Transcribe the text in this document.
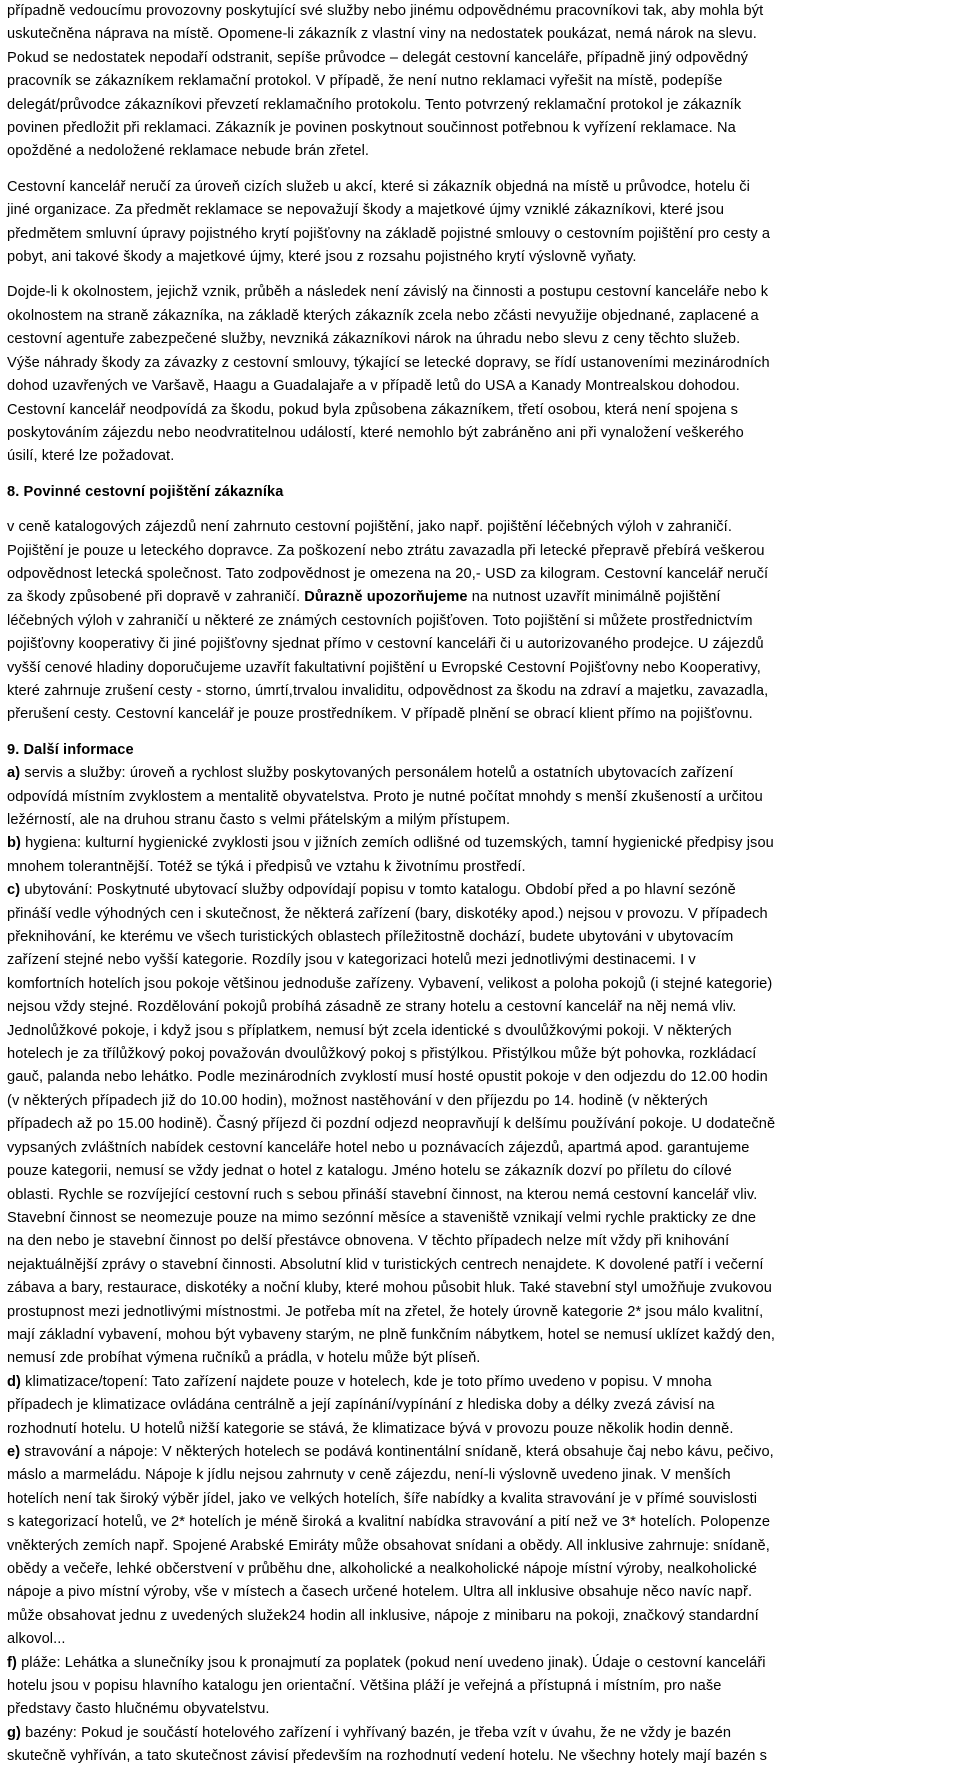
případně vedoucímu provozovny poskytující své služby nebo jinému odpovědnému pracovníkovi tak, aby mohla být
uskutečněna náprava na místě. Opomene-li zákazník z vlastní viny na nedostatek poukázat, nemá nárok na slevu.
Pokud se nedostatek nepodaří odstranit, sepíše průvodce – delegát cestovní kanceláře, případně jiný odpovědný
pracovník se zákazníkem reklamační protokol. V případě, že není nutno reklamaci vyřešit na místě, podepíše
delegát/průvodce zákazníkovi převzetí reklamačního protokolu. Tento potvrzený reklamační protokol je zákazník
povinen předložit při reklamaci. Zákazník je povinen poskytnout součinnost potřebnou k vyřízení reklamace. Na
opožděné a nedoložené reklamace nebude brán zřetel.
Cestovní kancelář neručí za úroveň cizích služeb u akcí, které si zákazník objedná na místě u průvodce, hotelu či
jiné organizace. Za předmět reklamace se nepovažují škody a majetkové újmy vzniklé zákazníkovi, které jsou
předmětem smluvní úpravy pojistného krytí pojišťovny na základě pojistné smlouvy o cestovním pojištění pro cesty a
pobyt, ani takové škody a majetkové újmy, které jsou z rozsahu pojistného krytí výslovně vyňaty.
Dojde-li k okolnostem, jejichž vznik, průběh a následek není závislý na činnosti a postupu cestovní kanceláře nebo k
okolnostem na straně zákazníka, na základě kterých zákazník zcela nebo zčásti nevyužije objednané, zaplacené a
cestovní agentuře zabezpečené služby, nevzniká zákazníkovi nárok na úhradu nebo slevu z ceny těchto služeb.
Výše náhrady škody za závazky z cestovní smlouvy, týkající se letecké dopravy, se řídí ustanoveními mezinárodních
dohod uzavřených ve Varšavě, Haagu a Guadalajaře a v případě letů do USA a Kanady Montrealskou dohodou.
Cestovní kancelář neodpovídá za škodu, pokud byla způsobena zákazníkem, třetí osobou, která není spojena s
poskytováním zájezdu nebo neodvratitelnou událostí, které nemohlo být zabráněno ani při vynaložení veškerého
úsilí, které lze požadovat.
8. Povinné cestovní pojištění zákazníka
v ceně katalogových zájezdů není zahrnuto cestovní pojištění, jako např. pojištění léčebných výloh v zahraničí.
Pojištění je pouze u leteckého dopravce. Za poškození nebo ztrátu zavazadla při letecké přepravě přebírá veškerou
odpovědnost letecká společnost. Tato zodpovědnost je omezena na 20,- USD za kilogram. Cestovní kancelář neručí
za škody způsobené při dopravě v zahraničí. Důrazně upozorňujeme na nutnost uzavřít minimálně pojištění
léčebných výloh v zahraničí u některé ze známých cestovních pojišťoven. Toto pojištění si můžete prostřednictvím
pojišťovny kooperativy či jiné pojišťovny sjednat přímo v cestovní kanceláři či u autorizovaného prodejce. U zájezdů
vyšší cenové hladiny doporučujeme uzavřít fakultativní pojištění u Evropské Cestovní Pojišťovny nebo Kooperativy,
které zahrnuje zrušení cesty - storno, úmrtí,trvalou invaliditu, odpovědnost za škodu na zdraví a majetku, zavazadla,
přerušení cesty. Cestovní kancelář je pouze prostředníkem. V případě plnění se obrací klient přímo na pojišťovnu.
9. Další informace
a) servis a služby: úroveň a rychlost služby poskytovaných personálem hotelů a ostatních ubytovacích zařízení
odpovídá místním zvyklostem a mentalitě obyvatelstva. Proto je nutné počítat mnohdy s menší zkušeností a určitou
ležérností, ale na druhou stranu často s velmi přátelským a milým přístupem.
b) hygiena: kulturní hygienické zvyklosti jsou v jižních zemích odlišné od tuzemských, tamní hygienické předpisy jsou
mnohem tolerantnější. Totéž se týká i předpisů ve vztahu k životnímu prostředí.
c) ubytování: Poskytnuté ubytovací služby odpovídají popisu v tomto katalogu. Období před a po hlavní sezóně
přináší vedle výhodných cen i skutečnost, že některá zařízení (bary, diskotéky apod.) nejsou v provozu. V případech
překnihování, ke kterému ve všech turistických oblastech příležitostně dochází, budete ubytováni v ubytovacím
zařízení stejné nebo vyšší kategorie. Rozdíly jsou v kategorizaci hotelů mezi jednotlivými destinacemi. I v
komfortních hotelích jsou pokoje většinou jednoduše zařízeny. Vybavení, velikost a poloha pokojů (i stejné kategorie)
nejsou vždy stejné. Rozdělování pokojů probíhá zásadně ze strany hotelu a cestovní kancelář na něj nemá vliv.
Jednolůžkové pokoje, i když jsou s příplatkem, nemusí být zcela identické s dvoulůžkovými pokoji. V některých
hotelech je za třílůžkový pokoj považován dvoulůžkový pokoj s přistýlkou. Přistýlkou může být pohovka, rozkládací
gauč, palanda nebo lehátko. Podle mezinárodních zvyklostí musí hosté opustit pokoje v den odjezdu do 12.00 hodin
(v některých případech již do 10.00 hodin), možnost nastěhování v den příjezdu po 14. hodině (v některých
případech až po 15.00 hodině). Časný příjezd či pozdní odjezd neopravňují k delšímu používání pokoje. U dodatečně
vypsaných zvláštních nabídek cestovní kanceláře hotel nebo u poznávacích zájezdů, apartmá apod. garantujeme
pouze kategorii, nemusí se vždy jednat o hotel z katalogu. Jméno hotelu se zákazník dozví po příletu do cílové
oblasti. Rychle se rozvíjející cestovní ruch s sebou přináší stavební činnost, na kterou nemá cestovní kancelář vliv.
Stavební činnost se neomezuje pouze na mimo sezónní měsíce a staveniště vznikají velmi rychle prakticky ze dne
na den nebo je stavební činnost po delší přestávce obnovena. V těchto případech nelze mít vždy při knihování
nejaktuálnější zprávy o stavební činnosti. Absolutní klid v turistických centrech nenajdete. K dovolené patří i večerní
zábava a bary, restaurace, diskotéky a noční kluby, které mohou působit hluk. Také stavební styl umožňuje zvukovou
prostupnost mezi jednotlivými místnostmi. Je potřeba mít na zřetel, že hotely úrovně kategorie 2* jsou málo kvalitní,
mají základní vybavení, mohou být vybaveny starým, ne plně funkčním nábytkem, hotel se nemusí uklízet každý den,
nemusí zde probíhat výmena ručníků a prádla, v hotelu může být plíseň.
d) klimatizace/topení: Tato zařízení najdete pouze v hotelech, kde je toto přímo uvedeno v popisu. V mnoha
případech je klimatizace ovládána centrálně a její zapínání/vypínání z hlediska doby a délky zvezá závisí na
rozhodnutí hotelu. U hotelů nižší kategorie se stává, že klimatizace bývá v provozu pouze několik hodin denně.
e) stravování a nápoje: V některých hotelech se podává kontinentální snídaně, která obsahuje čaj nebo kávu, pečivo,
máslo a marmeládu. Nápoje k jídlu nejsou zahrnuty v ceně zájezdu, není-li výslovně uvedeno jinak. V menších
hotelích není tak široký výběr jídel, jako ve velkých hotelích, šíře nabídky a kvalita stravování je v přímé souvislosti
s kategorizací hotelů, ve 2* hotelích je méně široká a kvalitní nabídka stravování a pití než ve 3* hotelích. Polopenze
vněkterých zemích např. Spojené Arabské Emiráty může obsahovat snídani a obědy. All inklusive zahrnuje: snídaně,
obědy a večeře, lehké občerstvení v průběhu dne, alkoholické a nealkoholické nápoje místní výroby, nealkoholické
nápoje a pivo místní výroby, vše v místech a časech určené hotelem. Ultra all inklusive obsahuje něco navíc např.
může obsahovat jednu z uvedených služek24 hodin all inklusive, nápoje z minibaru na pokoji, značkový standardní
alkovol...
f) pláže: Lehátka a slunečníky jsou k pronajmutí za poplatek (pokud není uvedeno jinak). Údaje o cestovní kanceláři
hotelu jsou v popisu hlavního katalogu jen orientační. Většina pláží je veřejná a přístupná i místním, pro naše
představy často hlučnému obyvatelstvu.
g) bazény: Pokud je součástí hotelového zařízení i vyhřívaný bazén, je třeba vzít v úvahu, že ne vždy je bazén
skutečně vyhříván, a tato skutečnost závisí především na rozhodnutí vedení hotelu. Ne všechny hotely mají bazén s
